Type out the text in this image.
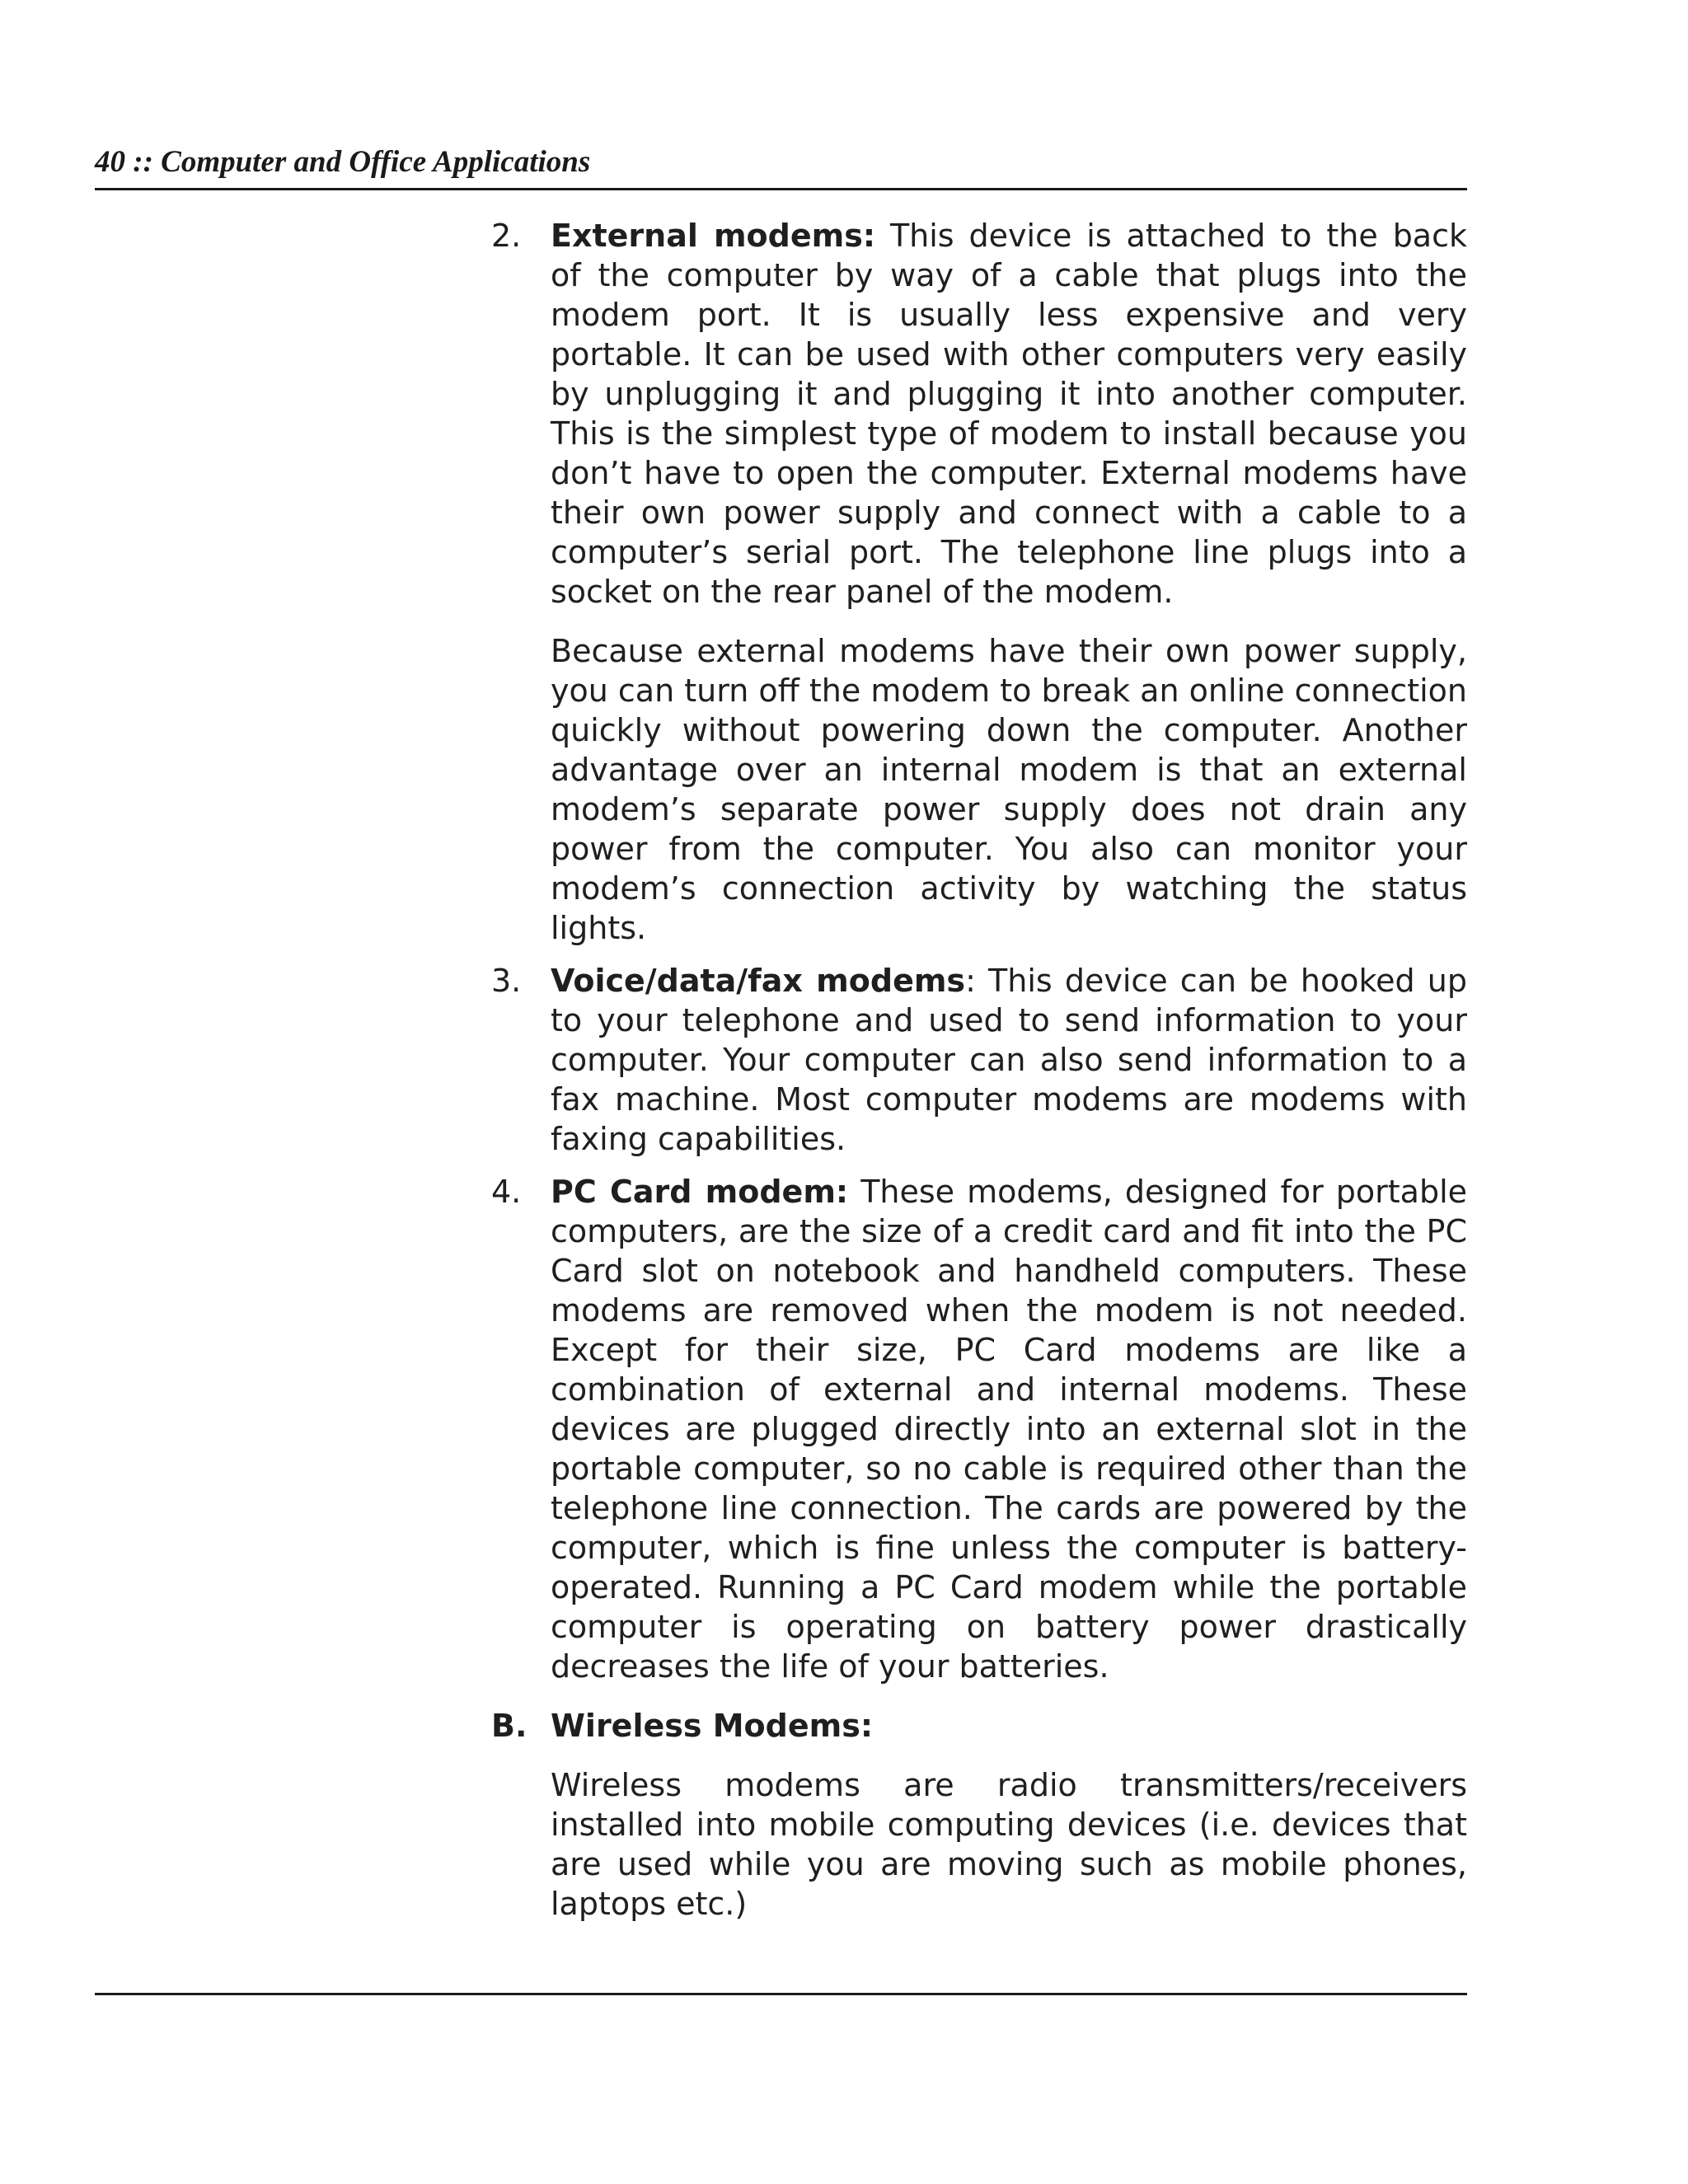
40 :: Computer and Office Applications
2. External modems: This device is attached to the back of the computer by way of a cable that plugs into the modem port. It is usually less expensive and very portable. It can be used with other computers very easily by unplugging it and plugging it into another computer. This is the simplest type of modem to install because you don’t have to open the computer. External modems have their own power supply and connect with a cable to a computer’s serial port. The telephone line plugs into a socket on the rear panel of the modem.

Because external modems have their own power supply, you can turn off the modem to break an online connection quickly without powering down the computer. Another advantage over an internal modem is that an external modem’s separate power supply does not drain any power from the computer. You also can monitor your modem’s connection activity by watching the status lights.

3. Voice/data/fax modems: This device can be hooked up to your telephone and used to send information to your computer. Your computer can also send information to a fax machine. Most computer modems are modems with faxing capabilities.

4. PC Card modem: These modems, designed for portable computers, are the size of a credit card and fit into the PC Card slot on notebook and handheld computers. These modems are removed when the modem is not needed. Except for their size, PC Card modems are like a combination of external and internal modems. These devices are plugged directly into an external slot in the portable computer, so no cable is required other than the telephone line connection. The cards are powered by the computer, which is fine unless the computer is battery-operated. Running a PC Card modem while the portable computer is operating on battery power drastically decreases the life of your batteries.

B. Wireless Modems:

Wireless modems are radio transmitters/receivers installed into mobile computing devices (i.e. devices that are used while you are moving such as mobile phones, laptops etc.)
